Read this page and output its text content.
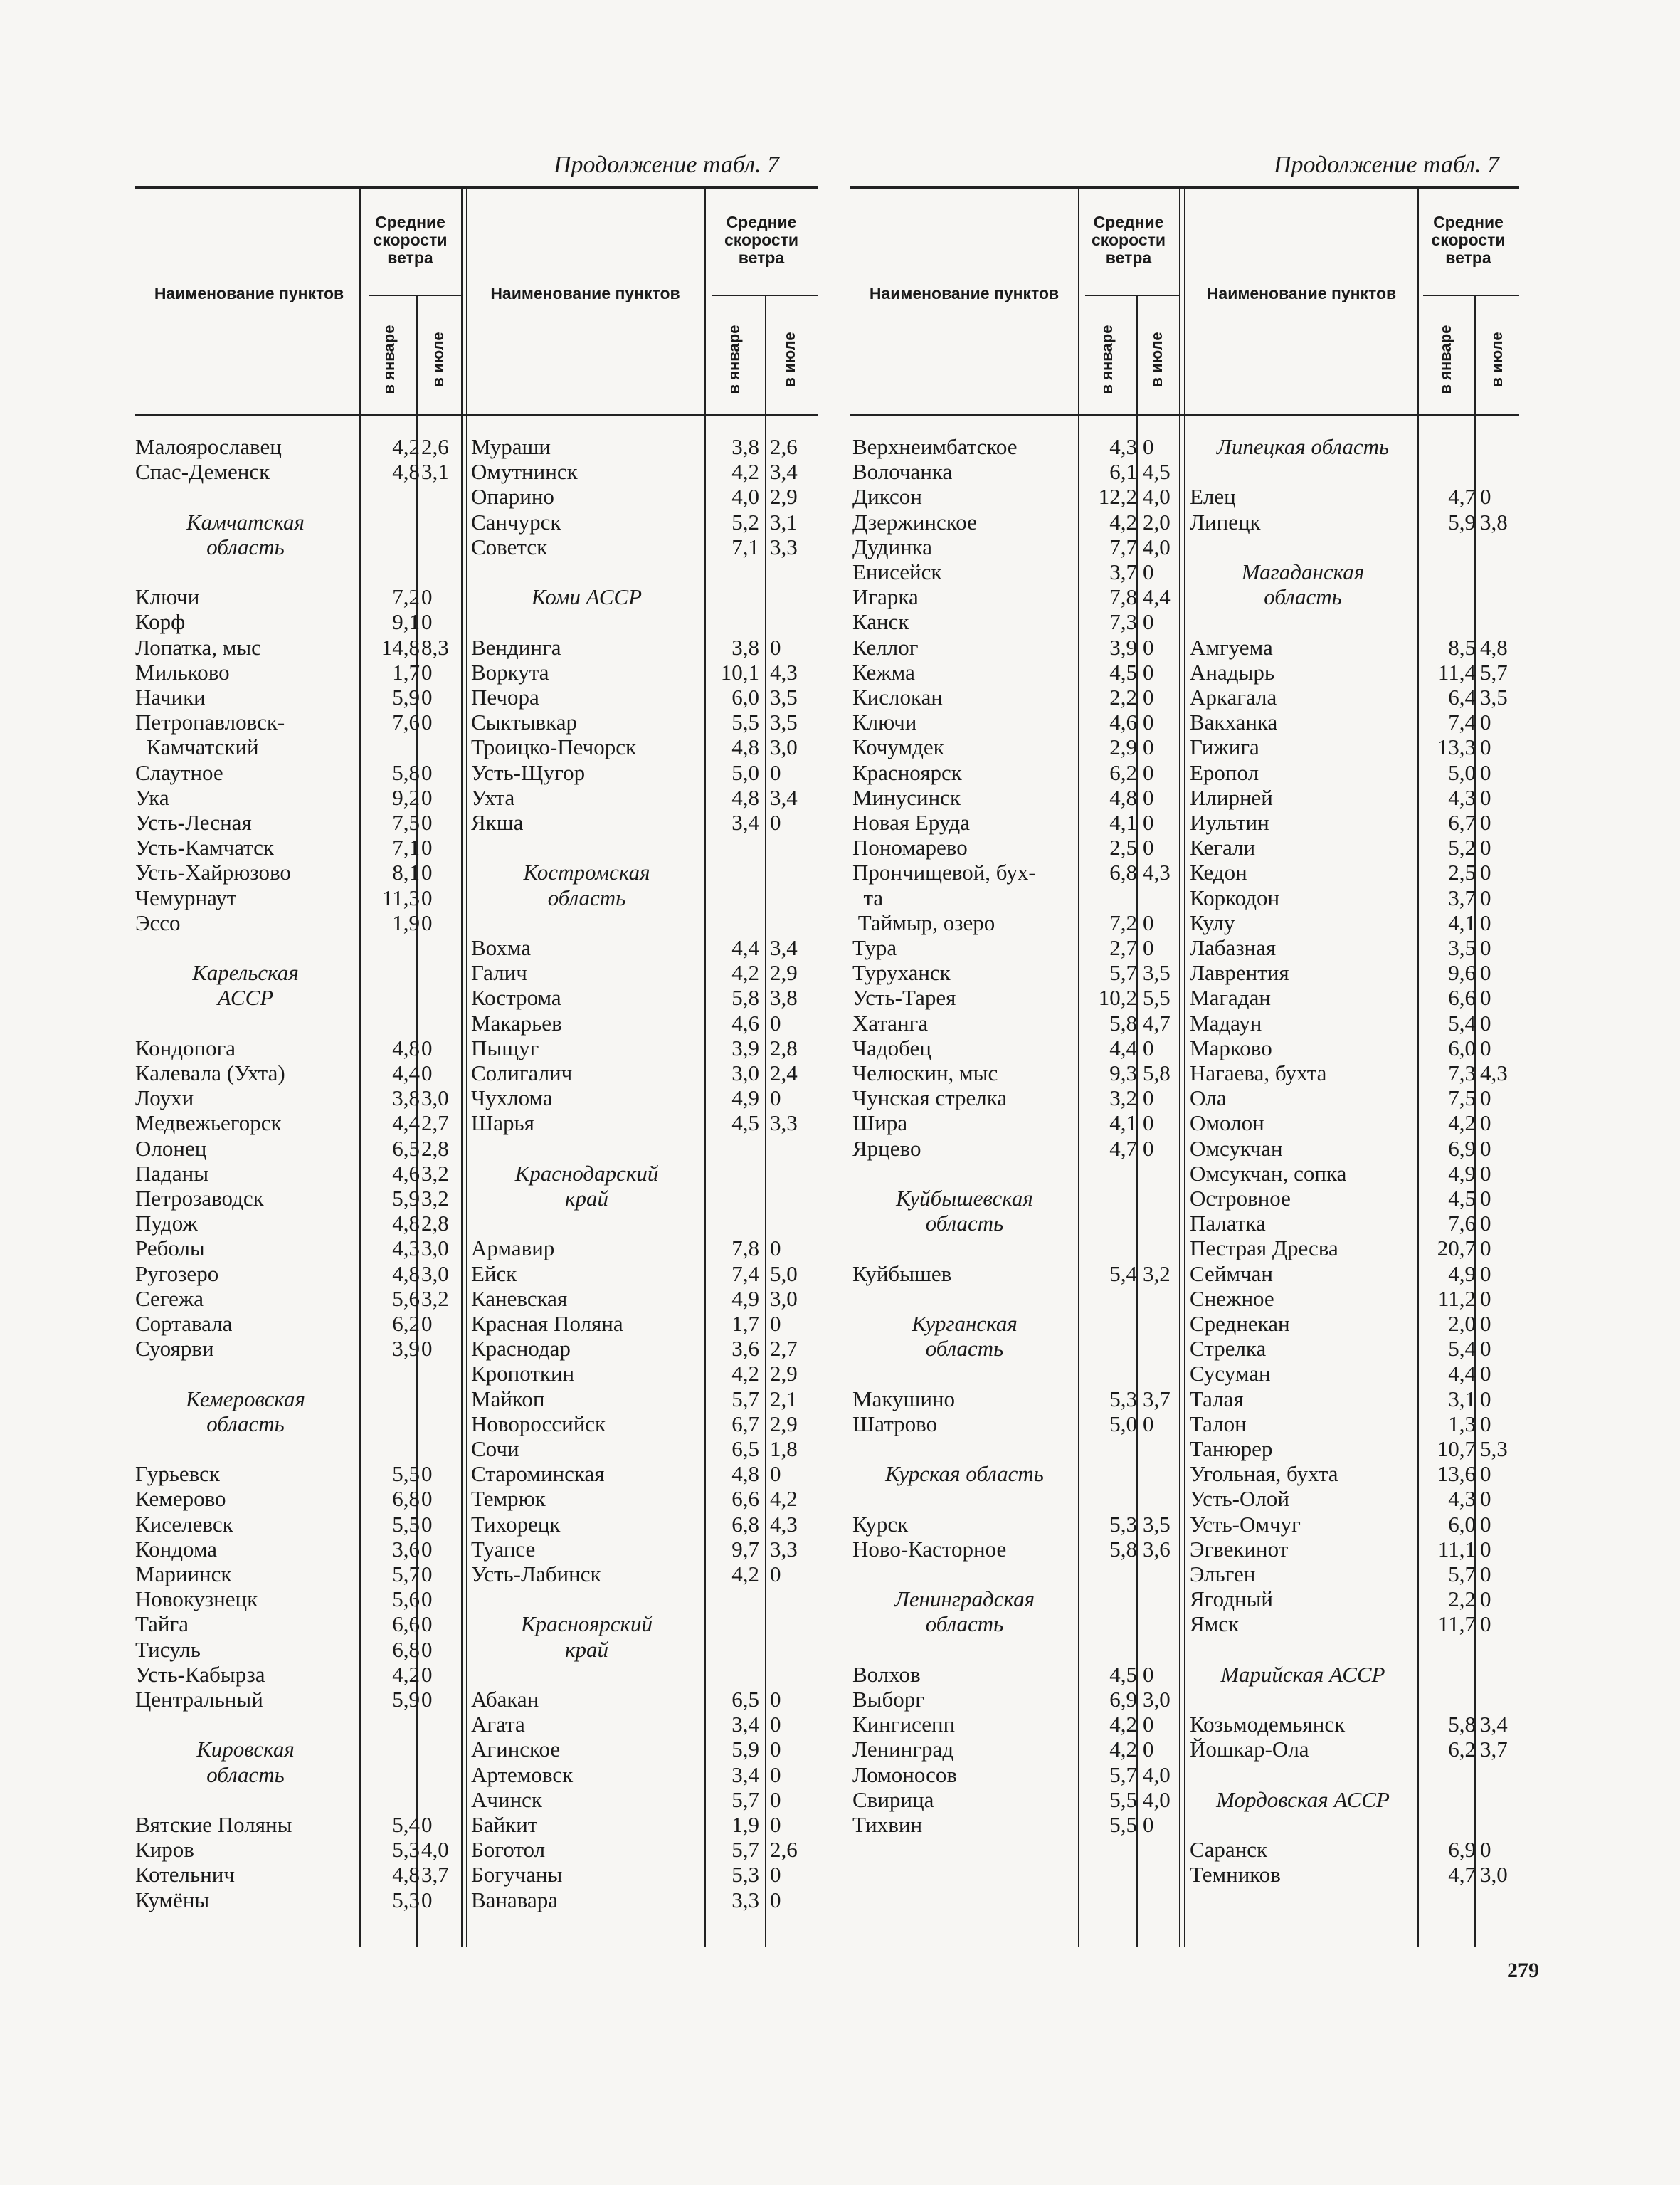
Продолжение табл. 7	Продолжение табл. 7
Наименование пунктов
Средние скорости ветра
в январе в июле
Наименование пунктов
Средние скорости ветра
в январе в июле
Малоярославец	4,2 2,6
Спас-Деменск	4,8 3,1
Камчатская
область
Ключи	7,2 0
Корф	9,1 0
Лопатка, мыс	14,8 8,3
Мильково	1,7 0
Начики	5,9 0
Петропавловск-	7,6 0
Камчатский
Слаутное	5,8 0
Ука	9,2 0
Усть-Лесная	7,5 0
Усть-Камчатск	7,1 0
Усть-Хайрюзово	8,1 0
Чемурнаут	11,3 0
Эссо	1,9 0
Карельская
АССР
Кондопога	4,8 0
Калевала (Ухта)	4,4 0
Лоухи	3,8 3,0
Медвежьегорск	4,4 2,7
Олонец	6,5 2,8
Паданы	4,6 3,2
Петрозаводск	5,9 3,2
Пудож	4,8 2,8
Реболы	4,3 3,0
Ругозеро	4,8 3,0
Сегежа	5,6 3,2
Сортавала	6,2 0
Суоярви	3,9 0
Кемеровская
область
Гурьевск	5,5 0
Кемерово	6,8 0
Киселевск	5,5 0
Кондома	3,6 0
Мариинск	5,7 0
Новокузнецк	5,6 0
Тайга	6,6 0
Тисуль	6,8 0
Усть-Кабырза	4,2 0
Центральный	5,9 0
Кировская
область
Вятские Поляны	5,4 0
Киров	5,3 4,0
Котельнич	4,8 3,7
Кумёны	5,3 0
Мураши	3,8 2,6
Омутнинск	4,2 3,4
Опарино	4,0 2,9
Санчурск	5,2 3,1
Советск	7,1 3,3
Коми АССР
Вендинга	3,8 0
Воркута	10,1 4,3
Печора	6,0 3,5
Сыктывкар	5,5 3,5
Троицко-Печорск	4,8 3,0
Усть-Щугор	5,0 0
Ухта	4,8 3,4
Якша	3,4 0
Костромская
область
Вохма	4,4 3,4
Галич	4,2 2,9
Кострома	5,8 3,8
Макарьев	4,6 0
Пыщуг	3,9 2,8
Солигалич	3,0 2,4
Чухлома	4,9 0
Шарья	4,5 3,3
Краснодарский
край
Армавир	7,8 0
Ейск	7,4 5,0
Каневская	4,9 3,0
Красная Поляна	1,7 0
Краснодар	3,6 2,7
Кропоткин	4,2 2,9
Майкоп	5,7 2,1
Новороссийск	6,7 2,9
Сочи	6,5 1,8
Староминская	4,8 0
Темрюк	6,6 4,2
Тихорецк	6,8 4,3
Туапсе	9,7 3,3
Усть-Лабинск	4,2 0
Красноярский
край
Абакан	6,5 0
Агата	3,4 0
Агинское	5,9 0
Артемовск	3,4 0
Ачинск	5,7 0
Байкит	1,9 0
Боготол	5,7 2,6
Богучаны	5,3 0
Ванавара	3,3 0
Наименование пунктов
Средние скорости ветра
в январе в июле
Наименование пунктов
Средние скорости ветра
в январе в июле
Верхнеимбатское	4,3 0
Волочанка	6,1 4,5
Диксон	12,2 4,0
Дзержинское	4,2 2,0
Дудинка	7,7 4,0
Енисейск	3,7 0
Игарка	7,8 4,4
Канск	7,3 0
Келлог	3,9 0
Кежма	4,5 0
Кислокан	2,2 0
Ключи	4,6 0
Кочумдек	2,9 0
Красноярск	6,2 0
Минусинск	4,8 0
Новая Еруда	4,1 0
Пономарево	2,5 0
Прончищевой, бух-	6,8 4,3
та
Таймыр, озеро	7,2 0
Тура	2,7 0
Туруханск	5,7 3,5
Усть-Тарея	10,2 5,5
Хатанга	5,8 4,7
Чадобец	4,4 0
Челюскин, мыс	9,3 5,8
Чунская стрелка	3,2 0
Шира	4,1 0
Ярцево	4,7 0
Куйбышевская
область
Куйбышев	5,4 3,2
Курганская
область
Макушино	5,3 3,7
Шатрово	5,0 0
Курская область
Курск	5,3 3,5
Ново-Касторное	5,8 3,6
Ленинградская
область
Волхов	4,5 0
Выборг	6,9 3,0
Кингисепп	4,2 0
Ленинград	4,2 0
Ломоносов	5,7 4,0
Свирица	5,5 4,0
Тихвин	5,5 0
Липецкая область
Елец	4,7 0
Липецк	5,9 3,8
Магаданская
область
Амгуема	8,5 4,8
Анадырь	11,4 5,7
Аркагала	6,4 3,5
Вакханка	7,4 0
Гижига	13,3 0
Еропол	5,0 0
Илирней	4,3 0
Иультин	6,7 0
Кегали	5,2 0
Кедон	2,5 0
Коркодон	3,7 0
Кулу	4,1 0
Лабазная	3,5 0
Лаврентия	9,6 0
Магадан	6,6 0
Мадаун	5,4 0
Марково	6,0 0
Нагаева, бухта	7,3 4,3
Ола	7,5 0
Омолон	4,2 0
Омсукчан	6,9 0
Омсукчан, сопка	4,9 0
Островное	4,5 0
Палатка	7,6 0
Пестрая Дресва	20,7 0
Сеймчан	4,9 0
Снежное	11,2 0
Среднекан	2,0 0
Стрелка	5,4 0
Сусуман	4,4 0
Талая	3,1 0
Талон	1,3 0
Танюрер	10,7 5,3
Угольная, бухта	13,6 0
Усть-Олой	4,3 0
Усть-Омчуг	6,0 0
Эгвекинот	11,1 0
Эльген	5,7 0
Ягодный	2,2 0
Ямск	11,7 0
Марийская АССР
Козьмодемьянск	5,8 3,4
Йошкар-Ола	6,2 3,7
Мордовская АССР
Саранск	6,9 0
Темников	4,7 3,0
279
